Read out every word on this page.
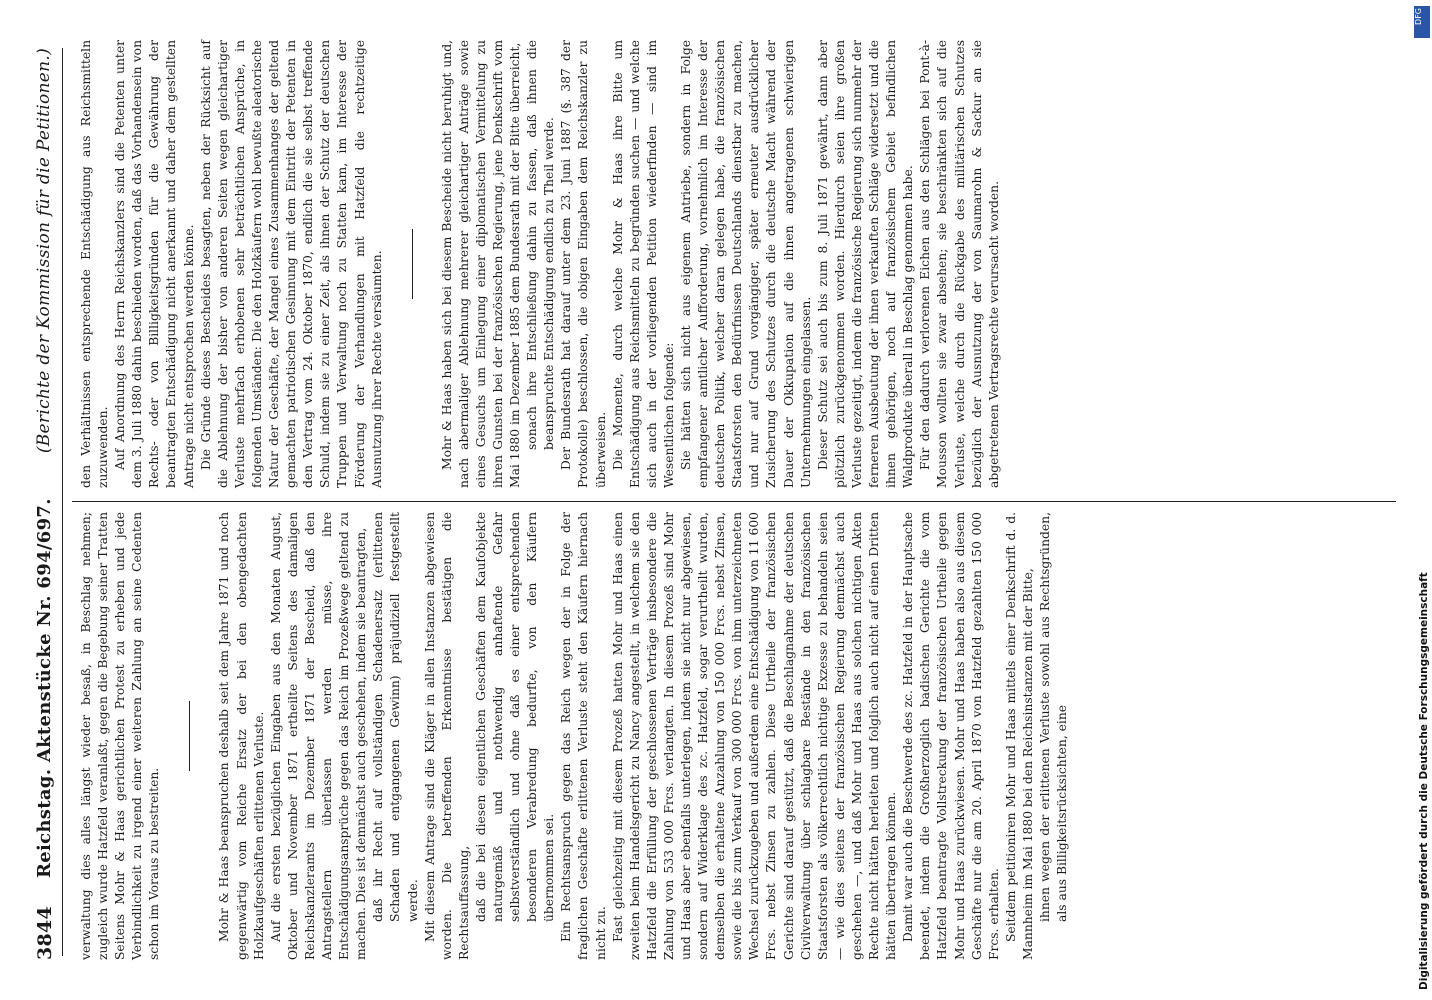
3844
Reichstag. Aktenstücke Nr. 694/697.
(Berichte der Kommission für die Petitionen.)

verwaltung dies alles längst wieder besaß, in Beschlag nehmen; zugleich wurde Hatzfeld veranlaßt, gegen die Begebung seiner Tratten Seitens Mohr & Haas gerichtlichen Protest zu erheben und jede Verbindlichkeit zu irgend einer weiteren Zahlung an seine Cedenten schon im Voraus zu bestreiten.	Mohr & Haas beanspruchen deshalb seit dem Jahre 1871 und noch gegenwärtig vom Reiche Ersatz der bei den obengedachten Holzkaufgeschäften erlittenen Verluste. Auf die ersten bezüglichen Eingaben aus den Monaten August, Oktober und November 1871 ertheilte Seitens des damaligen Reichskanzleramts im Dezember 1871 der Bescheid, daß den Antragstellern überlassen werden müsse, ihre Entschädigungsansprüche gegen das Reich im Prozeßwege geltend zu machen. Dies ist demnächst auch geschehen, indem sie beantragten, daß ihr Recht auf vollständigen Schadenersatz (erlittenen Schaden und entgangenen Gewinn) präjudiziell festgestellt werde. Mit diesem Antrage sind die Kläger in allen Instanzen abgewiesen worden. Die betreffenden Erkenntnisse bestätigen die Rechtsauffassung, daß die bei diesen eigentlichen Geschäften dem Kaufobjekte naturgemäß und nothwendig anhaftende Gefahr selbstverständlich und ohne daß es einer entsprechenden besonderen Verabredung bedurfte, von den Käufern übernommen sei. Ein Rechtsanspruch gegen das Reich wegen der in Folge der fraglichen Geschäfte erlittenen Verluste steht den Käufern hiernach nicht zu. Fast gleichzeitig mit diesem Prozeß hatten Mohr und Haas einen zweiten beim Handelsgericht zu Nancy angestellt, in welchem sie den Hatzfeld die Erfüllung der geschlossenen Verträge insbesondere die Zahlung von 533 000 Frcs. verlangten. In diesem Prozeß sind Mohr und Haas aber ebenfalls unterlegen, indem sie nicht nur abgewiesen, sondern auf Widerklage des zc. Hatzfeld, sogar verurtheilt wurden, demselben die erhaltene Anzahlung von 150 000 Frcs. nebst Zinsen, sowie die bis zum Verkauf von 300 000 Frcs. von ihm unterzeichneten Wechsel zurückzugeben und außerdem eine Entschädigung von 11 600 Frcs. nebst Zinsen zu zahlen. Diese Urtheile der französischen Gerichte sind darauf gestützt, daß die Beschlagnahme der deutschen Civilverwaltung über schlagbare Bestände in den französischen Staatsforsten als völkerrechtlich nichtige Exzesse zu behandeln seien — wie dies seitens der französischen Regierung demnächst auch geschehen —, und daß Mohr und Haas aus solchen nichtigen Akten Rechte nicht hätten herleiten und folglich auch nicht auf einen Dritten hätten übertragen können. Damit war auch die Beschwerde des zc. Hatzfeld in der Hauptsache beendet, indem die Großherzoglich badischen Gerichte die vom Hatzfeld beantragte Vollstreckung der französischen Urtheile gegen Mohr und Haas zurückwiesen. Mohr und Haas haben also aus diesem Geschäfte nur die am 20. April 1870 von Hatzfeld gezahlten 150 000 Frcs. erhalten. Seitdem petitioniren Mohr und Haas mittels einer Denkschrift d. d. Mannheim im Mai 1880 bei den Reichsinstanzen mit der Bitte, ihnen wegen der erlittenen Verluste sowohl aus Rechtsgründen, als aus Billigkeitsrücksichten, eine

den Verhältnissen entsprechende Entschädigung aus Reichsmitteln zuzuwenden. Auf Anordnung des Herrn Reichskanzlers sind die Petenten unter dem 3. Juli 1880 dahin beschieden worden, daß das Vorhandensein von Rechts- oder von Billigkeitsgründen für die Gewährung der beantragten Entschädigung nicht anerkannt und daher dem gestellten Antrage nicht entsprochen werden könne. Die Gründe dieses Bescheides besagten, neben der Rücksicht auf die Ablehnung der bisher von anderen Seiten wegen gleichartiger Verluste mehrfach erhobenen sehr beträchtlichen Ansprüche, in folgenden Umständen: Die den Holzkäufern wohl bewußte aleatorische Natur der Geschäfte, der Mangel eines Zusammenhanges der geltend gemachten patriotischen Gesinnung mit dem Eintritt der Petenten in den Vertrag vom 24. Oktober 1870, endlich die sie selbst treffende Schuld, indem sie zu einer Zeit, als ihnen der Schutz der deutschen Truppen und Verwaltung noch zu Statten kam, im Interesse der Förderung der Verhandlungen mit Hatzfeld die rechtzeitige Ausnutzung ihrer Rechte versäumten.	Mohr & Haas haben sich bei diesem Bescheide nicht beruhigt und, nach abermaliger Ablehnung mehrerer gleichartiger Anträge sowie eines Gesuchs um Einlegung einer diplomatischen Vermittelung zu ihren Gunsten bei der französischen Regierung, jene Denkschrift vom Mai 1880 im Dezember 1885 dem Bundesrath mit der Bitte überreicht, sonach ihre Entschließung dahin zu fassen, daß ihnen die beanspruchte Entschädigung endlich zu Theil werde. Der Bundesrath hat darauf unter dem 23. Juni 1887 (§. 387 der Protokolle) beschlossen, die obigen Eingaben dem Reichskanzler zu überweisen. Die Momente, durch welche Mohr & Haas ihre Bitte um Entschädigung aus Reichsmitteln zu begründen suchen — und welche sich auch in der vorliegenden Petition wiederfinden — sind im Wesentlichen folgende: Sie hätten sich nicht aus eigenem Antriebe, sondern in Folge empfangener amtlicher Aufforderung, vornehmlich im Interesse der deutschen Politik, welcher daran gelegen habe, die französischen Staatsforsten den Bedürfnissen Deutschlands dienstbar zu machen, und nur auf Grund vorgängiger, später erneuter ausdrücklicher Zusicherung des Schutzes durch die deutsche Macht während der Dauer der Okkupation auf die ihnen angetragenen schwierigen Unternehmungen eingelassen. Dieser Schutz sei auch bis zum 8. Juli 1871 gewährt, dann aber plötzlich zurückgenommen worden. Hierdurch seien ihre großen Verluste gezeitigt, indem die französische Regierung sich nunmehr der ferneren Ausbeutung der ihnen verkauften Schläge widersetzt und die ihnen gehörigen, noch auf französischem Gebiet befindlichen Waldprodukte überall in Beschlag genommen habe. Für den dadurch verlorenen Eichen aus den Schlägen bei Pont-à-Mousson wollten sie zwar absehen; sie beschränkten sich auf die Verluste, welche durch die Rückgabe des militärischen Schutzes bezüglich der Ausnutzung der von Saumarohn & Sackur an sie abgetretenen Vertragsrechte verursacht worden.

DFG
Digitalisierung gefördert durch die Deutsche Forschungsgemeinschaft
